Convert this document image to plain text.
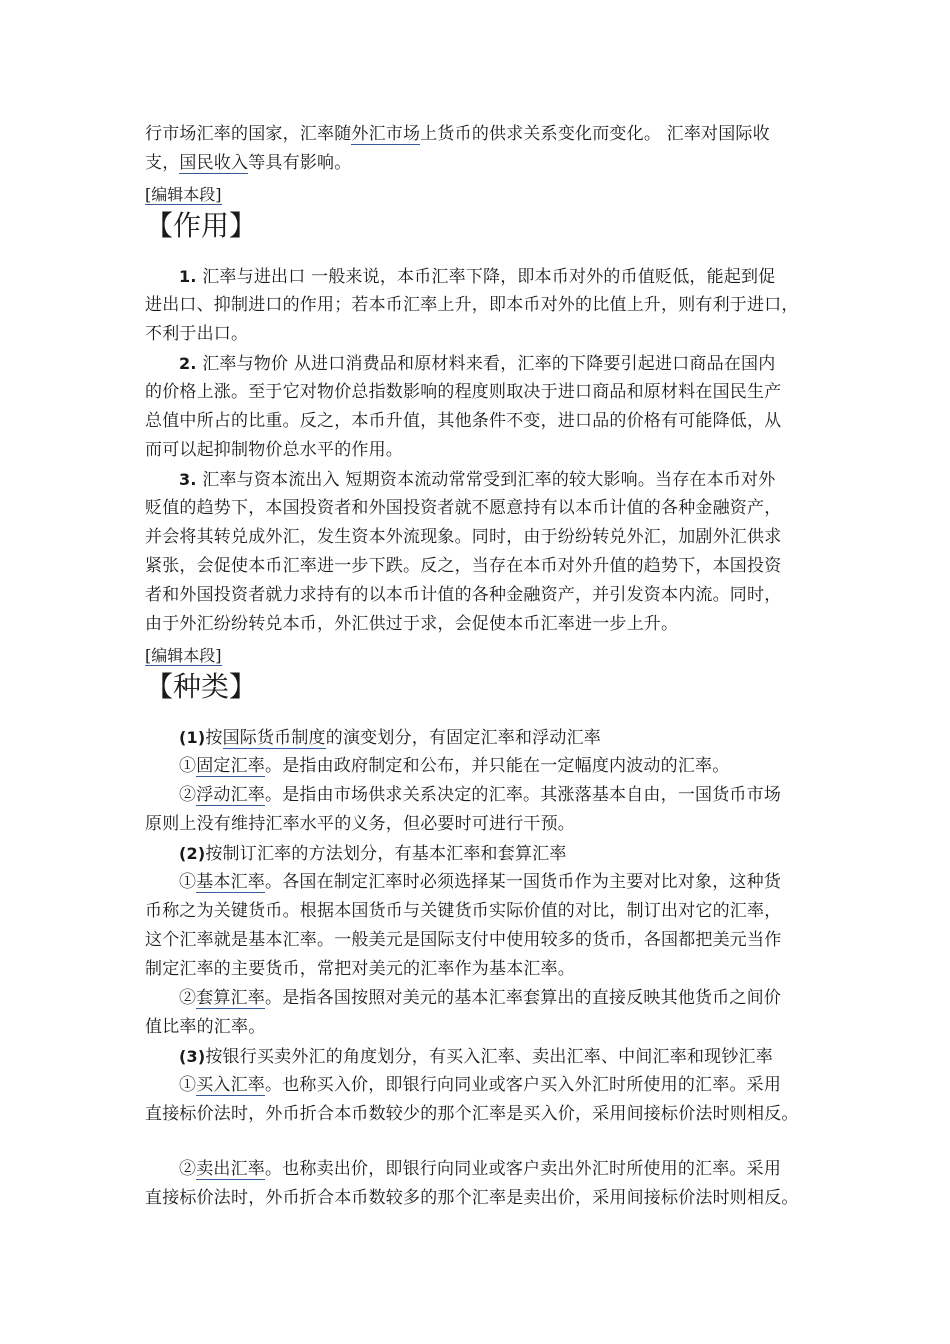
行市场汇率的国家，汇率随外汇市场上货币的供求关系变化而变化。 汇率对国际收
支，国民收入等具有影响。
[编辑本段]
【作用】
1. 汇率与进出口 一般来说，本币汇率下降，即本币对外的币值贬低，能起到促
进出口、抑制进口的作用；若本币汇率上升，即本币对外的比值上升，则有利于进口，
不利于出口。
2. 汇率与物价 从进口消费品和原材料来看，汇率的下降要引起进口商品在国内
的价格上涨。至于它对物价总指数影响的程度则取决于进口商品和原材料在国民生产
总值中所占的比重。反之，本币升值，其他条件不变，进口品的价格有可能降低，从
而可以起抑制物价总水平的作用。
3. 汇率与资本流出入 短期资本流动常常受到汇率的较大影响。当存在本币对外
贬值的趋势下，本国投资者和外国投资者就不愿意持有以本币计值的各种金融资产，
并会将其转兑成外汇，发生资本外流现象。同时，由于纷纷转兑外汇，加剧外汇供求
紧张，会促使本币汇率进一步下跌。反之，当存在本币对外升值的趋势下，本国投资
者和外国投资者就力求持有的以本币计值的各种金融资产，并引发资本内流。同时，
由于外汇纷纷转兑本币，外汇供过于求，会促使本币汇率进一步上升。
[编辑本段]
【种类】
(1)按国际货币制度的演变划分，有固定汇率和浮动汇率
①固定汇率。是指由政府制定和公布，并只能在一定幅度内波动的汇率。
②浮动汇率。是指由市场供求关系决定的汇率。其涨落基本自由，一国货币市场
原则上没有维持汇率水平的义务，但必要时可进行干预。
(2)按制订汇率的方法划分，有基本汇率和套算汇率
①基本汇率。各国在制定汇率时必须选择某一国货币作为主要对比对象，这种货
币称之为关键货币。根据本国货币与关键货币实际价值的对比，制订出对它的汇率，
这个汇率就是基本汇率。一般美元是国际支付中使用较多的货币，各国都把美元当作
制定汇率的主要货币，常把对美元的汇率作为基本汇率。
②套算汇率。是指各国按照对美元的基本汇率套算出的直接反映其他货币之间价
值比率的汇率。
(3)按银行买卖外汇的角度划分，有买入汇率、卖出汇率、中间汇率和现钞汇率
①买入汇率。也称买入价，即银行向同业或客户买入外汇时所使用的汇率。采用
直接标价法时，外币折合本币数较少的那个汇率是买入价，采用间接标价法时则相反。
②卖出汇率。也称卖出价，即银行向同业或客户卖出外汇时所使用的汇率。采用
直接标价法时，外币折合本币数较多的那个汇率是卖出价，采用间接标价法时则相反。
